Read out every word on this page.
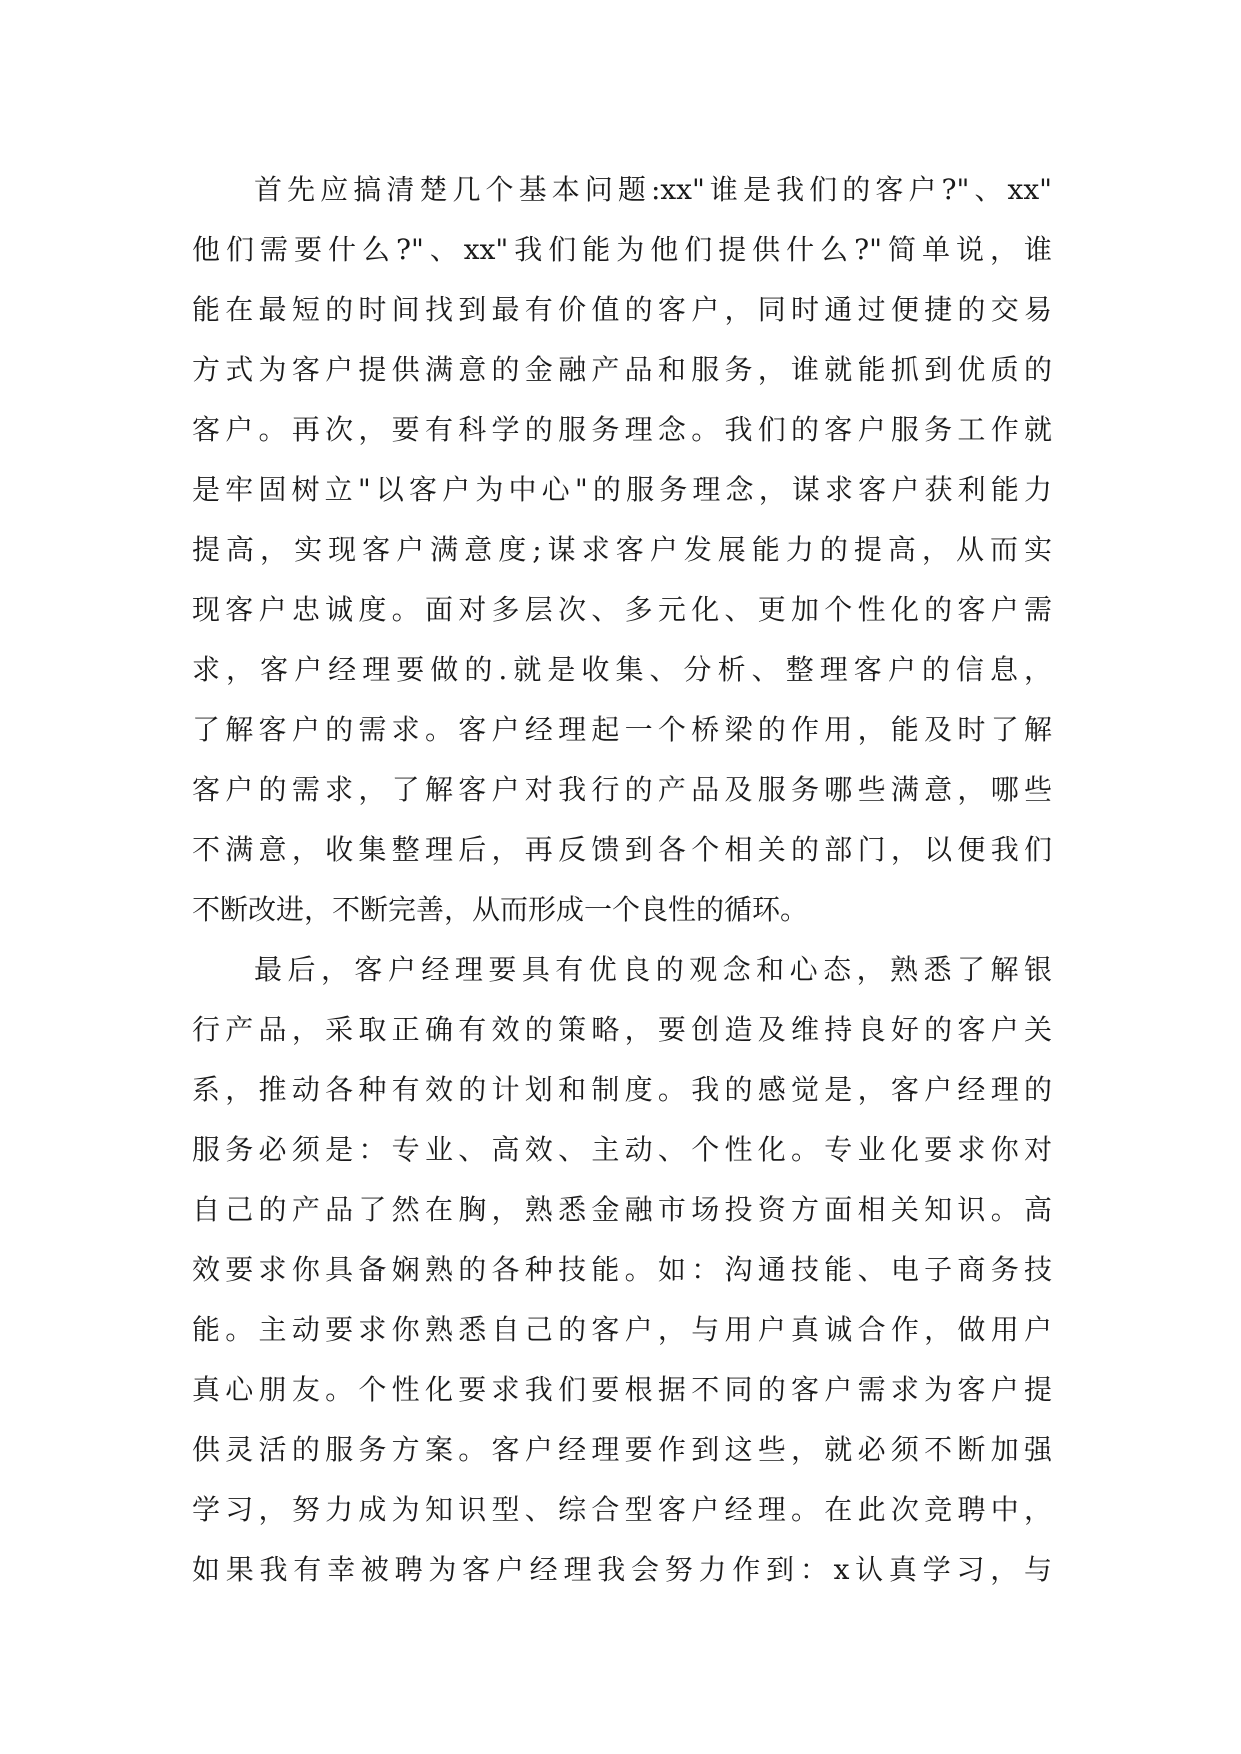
首先应搞清楚几个基本问题:xx"谁是我们的客户?"、xx"
他们需要什么?"、xx"我们能为他们提供什么?"简单说，谁
能在最短的时间找到最有价值的客户，同时通过便捷的交易
方式为客户提供满意的金融产品和服务，谁就能抓到优质的
客户。再次，要有科学的服务理念。我们的客户服务工作就
是牢固树立"以客户为中心"的服务理念，谋求客户获利能力
提高，实现客户满意度;谋求客户发展能力的提高，从而实
现客户忠诚度。面对多层次、多元化、更加个性化的客户需
求，客户经理要做的.就是收集、分析、整理客户的信息，
了解客户的需求。客户经理起一个桥梁的作用，能及时了解
客户的需求，了解客户对我行的产品及服务哪些满意，哪些
不满意，收集整理后，再反馈到各个相关的部门，以便我们
不断改进，不断完善，从而形成一个良性的循环。
最后，客户经理要具有优良的观念和心态，熟悉了解银
行产品，采取正确有效的策略，要创造及维持良好的客户关
系，推动各种有效的计划和制度。我的感觉是，客户经理的
服务必须是：专业、高效、主动、个性化。专业化要求你对
自己的产品了然在胸，熟悉金融市场投资方面相关知识。高
效要求你具备娴熟的各种技能。如：沟通技能、电子商务技
能。主动要求你熟悉自己的客户，与用户真诚合作，做用户
真心朋友。个性化要求我们要根据不同的客户需求为客户提
供灵活的服务方案。客户经理要作到这些，就必须不断加强
学习，努力成为知识型、综合型客户经理。在此次竞聘中，
如果我有幸被聘为客户经理我会努力作到：x认真学习，与
